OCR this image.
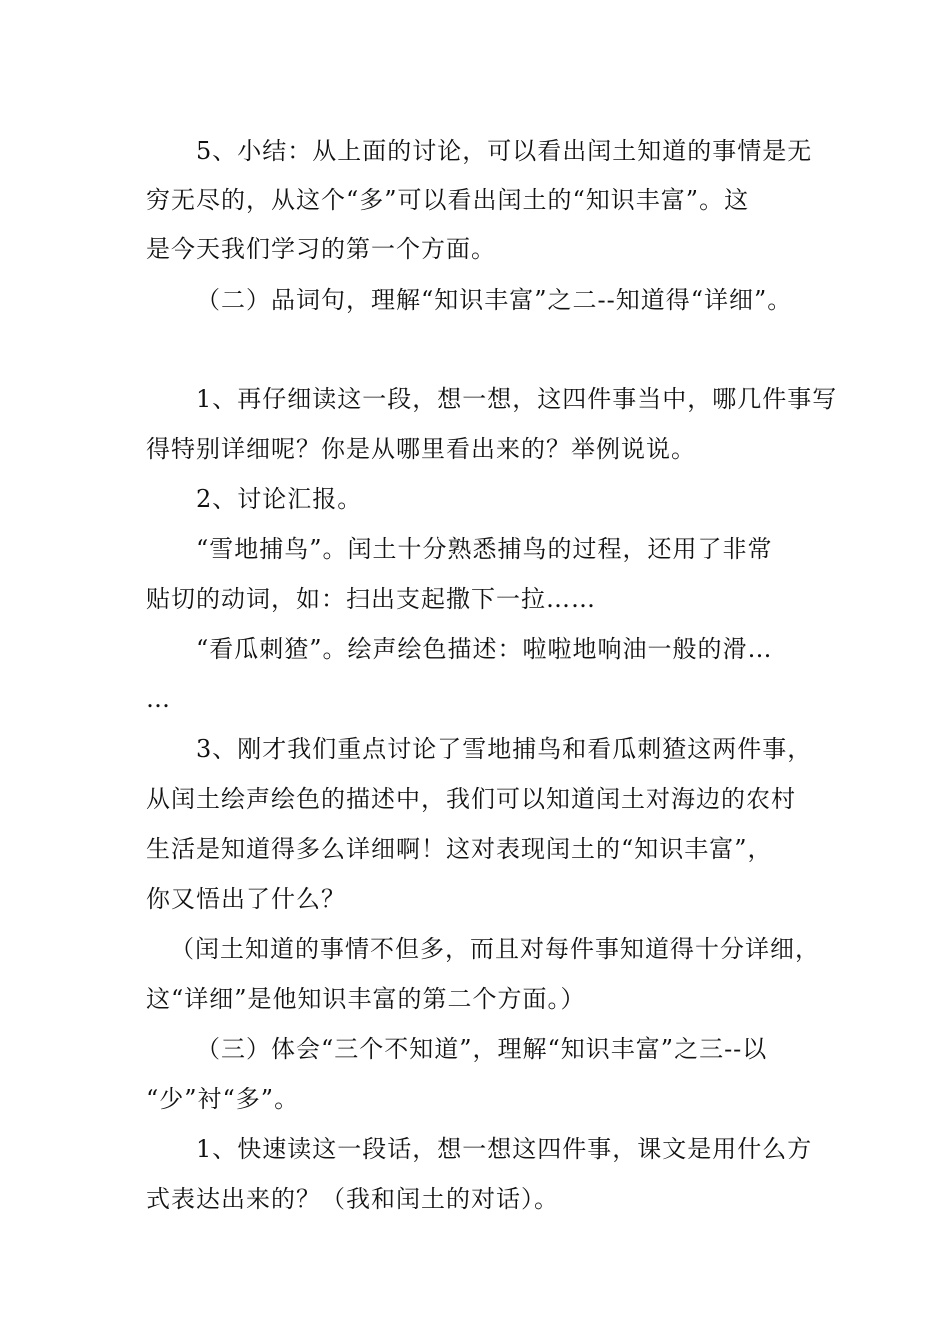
5、小结：从上面的讨论，可以看出闰土知道的事情是无
穷无尽的，从这个“多”可以看出闰土的“知识丰富”。这
是今天我们学习的第一个方面。
（二）品词句，理解“知识丰富”之二--知道得“详细”。
1、再仔细读这一段，想一想，这四件事当中，哪几件事写
得特别详细呢？你是从哪里看出来的？举例说说。
2、讨论汇报。
“雪地捕鸟”。闰土十分熟悉捕鸟的过程，还用了非常
贴切的动词，如：扫出支起撒下一拉……
“看瓜刺猹”。绘声绘色描述：啦啦地响油一般的滑…
…
3、刚才我们重点讨论了雪地捕鸟和看瓜刺猹这两件事，
从闰土绘声绘色的描述中，我们可以知道闰土对海边的农村
生活是知道得多么详细啊！这对表现闰土的“知识丰富”，
你又悟出了什么？
（闰土知道的事情不但多，而且对每件事知道得十分详细，
这“详细”是他知识丰富的第二个方面。）
（三）体会“三个不知道”，理解“知识丰富”之三--以
“少”衬“多”。
1、快速读这一段话，想一想这四件事，课文是用什么方
式表达出来的？（我和闰土的对话）。
